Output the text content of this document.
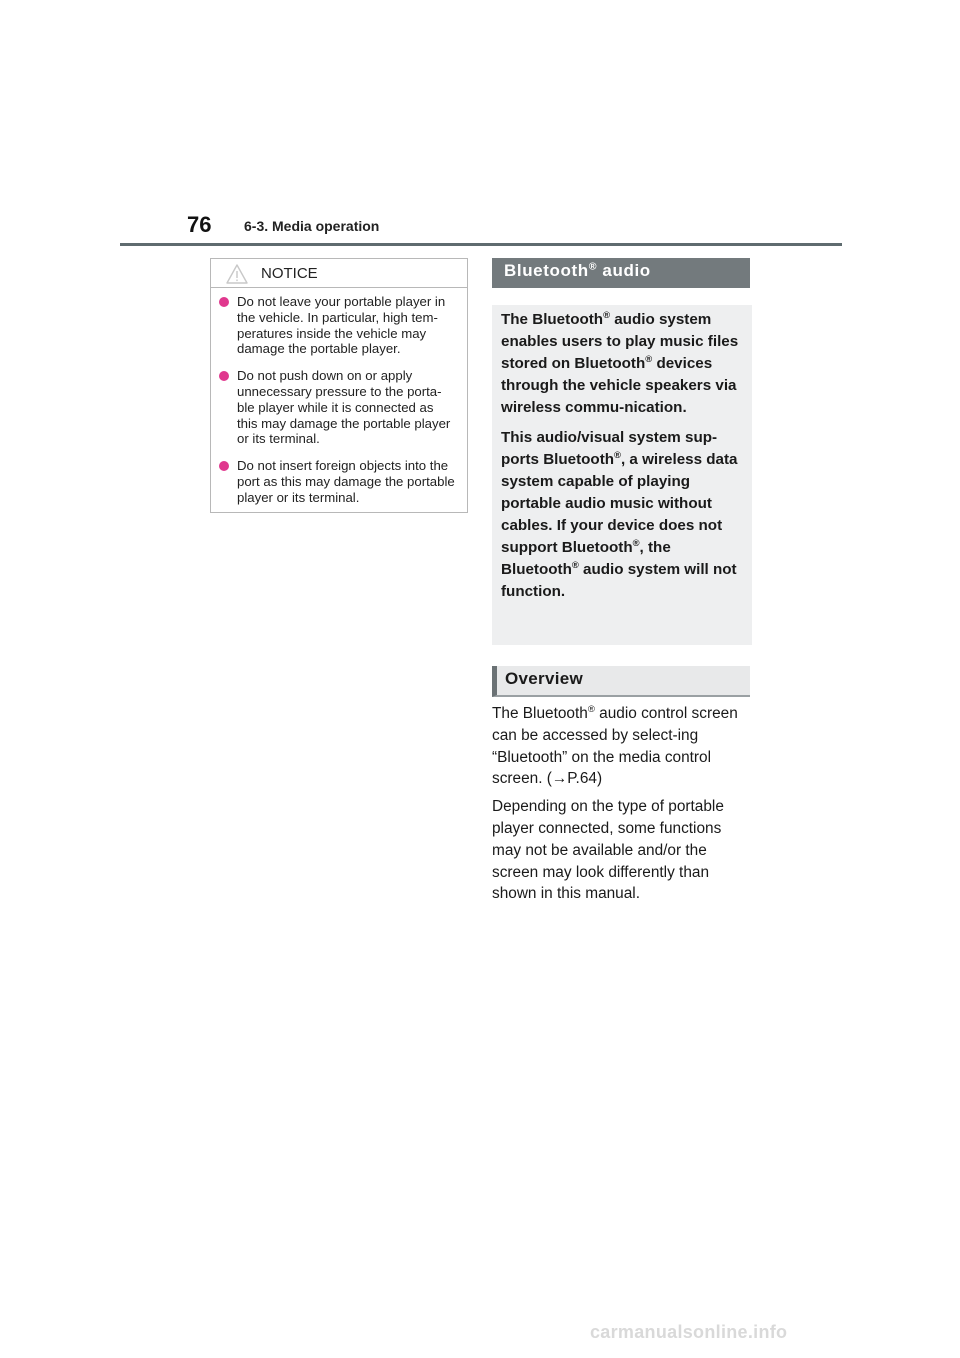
76 6-3. Media operation
NOTICE
Do not leave your portable player in the vehicle. In particular, high tem-peratures inside the vehicle may damage the portable player.
Do not push down on or apply unnecessary pressure to the porta-ble player while it is connected as this may damage the portable player or its terminal.
Do not insert foreign objects into the port as this may damage the portable player or its terminal.
Bluetooth® audio

The Bluetooth® audio system enables users to play music files stored on Bluetooth® devices through the vehicle speakers via wireless commu-nication.

This audio/visual system sup-ports Bluetooth®, a wireless data system capable of playing portable audio music without cables. If your device does not support Bluetooth®, the Bluetooth® audio system will not function.

Overview

The Bluetooth® audio control screen can be accessed by select-ing “Bluetooth” on the media control screen. (→P.64)

Depending on the type of portable player connected, some functions may not be available and/or the screen may look differently than shown in this manual.

carmanualsonline.info
